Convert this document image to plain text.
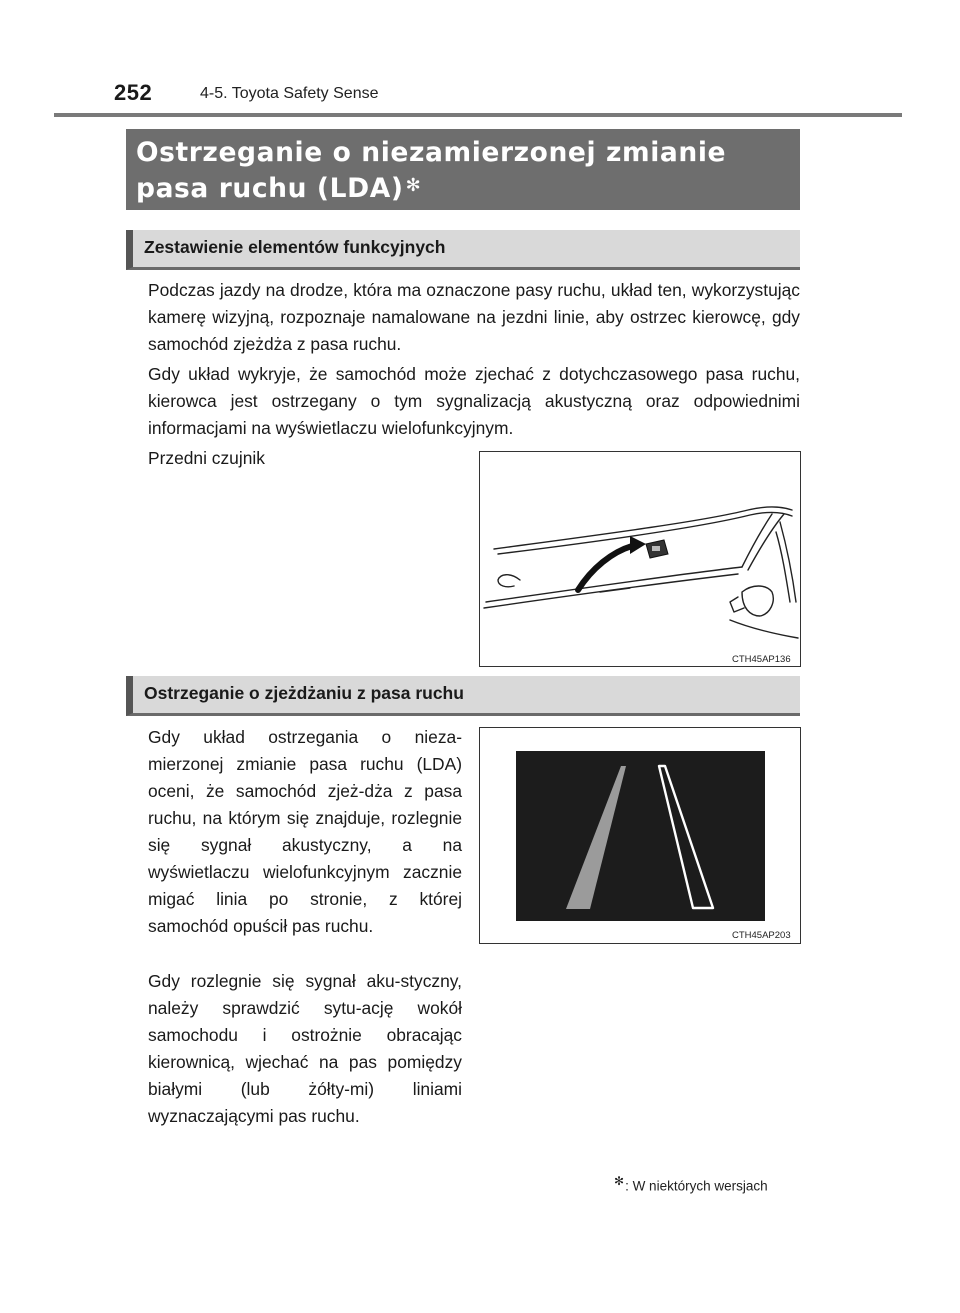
252	4-5. Toyota Safety Sense
Ostrzeganie o niezamierzonej zmianie pasa ruchu (LDA) ✻
Zestawienie elementów funkcyjnych

Podczas jazdy na drodze, która ma oznaczone pasy ruchu, układ ten, wykorzystując kamerę wizyjną, rozpoznaje namalowane na jezdni linie, aby ostrzec kierowcę, gdy samochód zjeżdża z pasa ruchu.

Gdy układ wykryje, że samochód może zjechać z dotychczasowego pasa ruchu, kierowca jest ostrzegany o tym sygnalizacją akustyczną oraz odpowiednimi informacjami na wyświetlaczu wielofunkcyjnym.

Przedni czujnik

CTH45AP136
Ostrzeganie o zjeżdżaniu z pasa ruchu

Gdy układ ostrzegania o nieza-mierzonej zmianie pasa ruchu (LDA) oceni, że samochód zjeż-dża z pasa ruchu, na którym się znajduje, rozlegnie się sygnał akustyczny, a na wyświetlaczu wielofunkcyjnym zacznie migać linia po stronie, z której samochód opuścił pas ruchu.

Gdy rozlegnie się sygnał aku-styczny, należy sprawdzić sytu-ację wokół samochodu i ostrożnie obracając kierownicą, wjechać na pas pomiędzy białymi (lub żółty-mi) liniami wyznaczającymi pas ruchu.

CTH45AP203
✻: W niektórych wersjach
